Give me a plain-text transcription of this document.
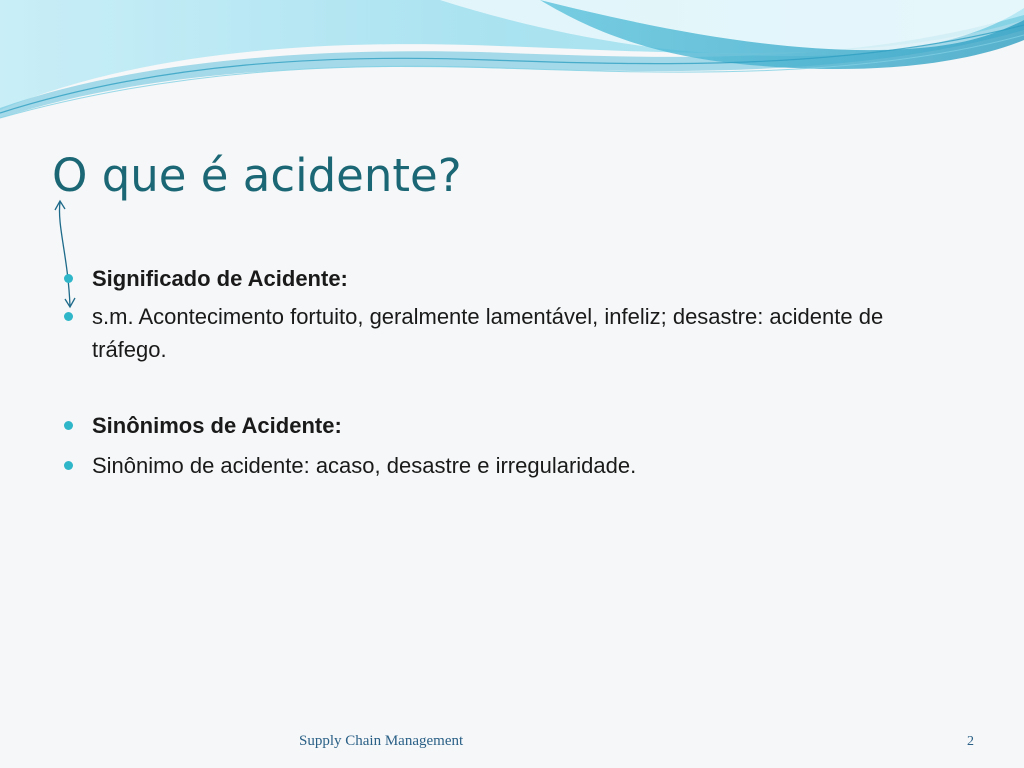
O que é acidente?
Significado de Acidente:
s.m. Acontecimento fortuito, geralmente lamentável, infeliz; desastre: acidente de tráfego.
Sinônimos de Acidente:
Sinônimo de acidente: acaso, desastre e irregularidade.
Supply Chain Management	2
